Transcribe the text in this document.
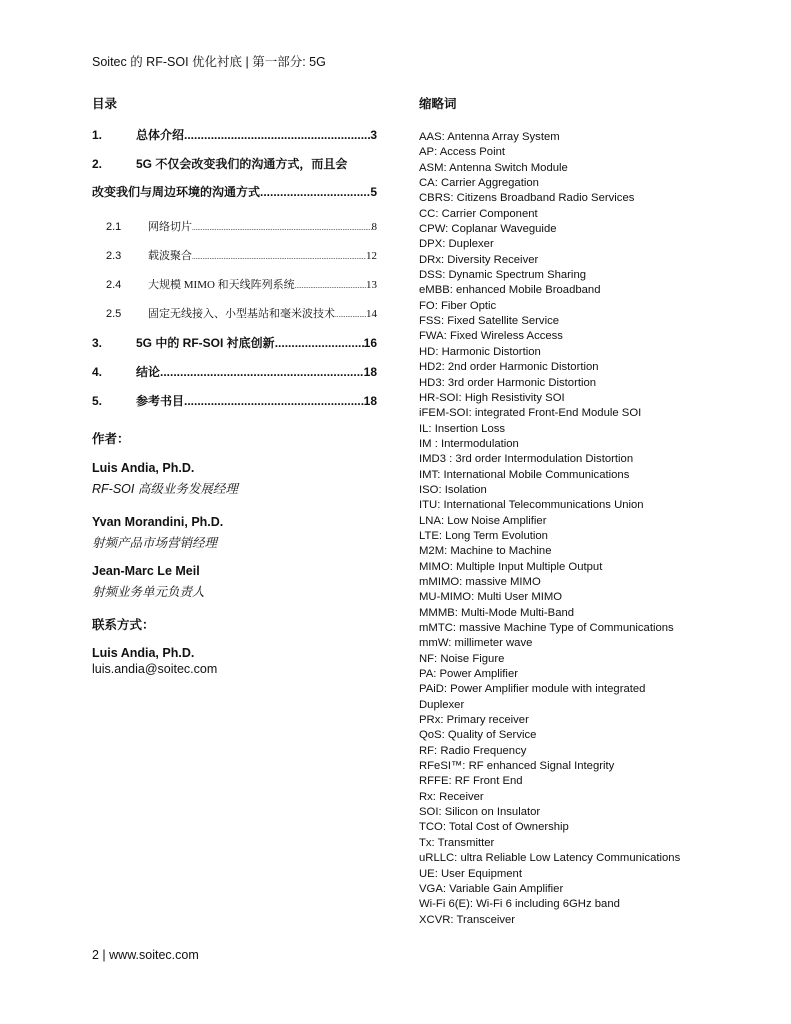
Soitec 的 RF-SOI 优化衬底 | 第一部分: 5G
目录
1.	总体介绍 .....	3
2.	5G 不仅会改变我们的沟通方式，而且会
改变我们与周边环境的沟通方式 .....	5
2.1	网络切片 .....	8
2.3	载波聚合 .....	12
2.4	大规模 MIMO 和天线阵列系统 .....	13
2.5	固定无线接入、小型基站和毫米波技术 .....	14
3.	5G 中的 RF-SOI 衬底创新 .....	16
4.	结论 .....	18
5.	参考书目 .....	18
作者：
Luis Andia, Ph.D.
RF-SOI 高级业务发展经理
Yvan Morandini, Ph.D.
射频产品市场营销经理
Jean-Marc Le Meil
射频业务单元负责人
联系方式：
Luis Andia, Ph.D.
luis.andia@soitec.com
缩略词
AAS: Antenna Array System
AP: Access Point
ASM: Antenna Switch Module
CA: Carrier Aggregation
CBRS: Citizens Broadband Radio Services
CC: Carrier Component
CPW: Coplanar Waveguide
DPX: Duplexer
DRx: Diversity Receiver
DSS: Dynamic Spectrum Sharing
eMBB: enhanced Mobile Broadband
FO: Fiber Optic
FSS: Fixed Satellite Service
FWA: Fixed Wireless Access
HD: Harmonic Distortion
HD2: 2nd order Harmonic Distortion
HD3: 3rd order Harmonic Distortion
HR-SOI: High Resistivity SOI
iFEM-SOI: integrated Front-End Module SOI
IL: Insertion Loss
IM : Intermodulation
IMD3 : 3rd order Intermodulation Distortion
IMT: International Mobile Communications
ISO: Isolation
ITU: International Telecommunications Union
LNA: Low Noise Amplifier
LTE: Long Term Evolution
M2M: Machine to Machine
MIMO: Multiple Input Multiple Output
mMIMO: massive MIMO
MU-MIMO: Multi User MIMO
MMMB: Multi-Mode Multi-Band
mMTC: massive Machine Type of Communications
mmW: millimeter wave
NF: Noise Figure
PA: Power Amplifier
PAiD: Power Amplifier module with integrated
Duplexer
PRx: Primary receiver
QoS: Quality of Service
RF: Radio Frequency
RFeSI™: RF enhanced Signal Integrity
RFFE: RF Front End
Rx: Receiver
SOI: Silicon on Insulator
TCO: Total Cost of Ownership
Tx: Transmitter
uRLLC: ultra Reliable Low Latency Communications
UE: User Equipment
VGA: Variable Gain Amplifier
Wi-Fi 6(E): Wi-Fi 6 including 6GHz band
XCVR: Transceiver
2 | www.soitec.com
